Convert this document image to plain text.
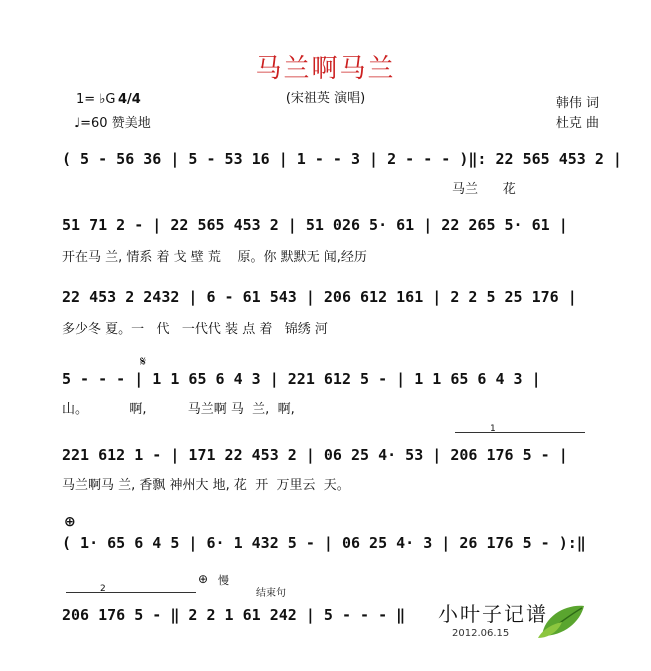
马兰啊马兰
(宋祖英 演唱)
1= ♭G 4/4
♩=60 赞美地
韩伟 词
杜克 曲
( 5 - 56 36 | 5 - 53 16 | 1 - - 3 | 2 - - - )‖: 22 565 453 2 |
马兰      花
51 71 2 - | 22 565 453 2 | 51 026 5· 61 | 22 265 5· 61 |
开在马 兰, 情系 着 戈 壁 荒    原。你 默默无 闻,经历
22 453 2 2432 | 6 - 61 543 | 206 612 161 | 2 2 5 25 176 |
多少冬 夏。一   代   一代代 装 点 着   锦绣 河
𝄋
5 - - - | 1 1 65 6 4 3 | 221 612 5 - | 1 1 65 6 4 3 |
山。          啊,          马兰啊 马  兰,  啊,
1
221 612 1 - | 171 22 453 2 | 06 25 4· 53 | 206 176 5 - |
马兰啊马 兰, 香飘 神州大 地, 花  开  万里云  天。
⊕
( 1· 65 6 4 5 | 6· 1 432 5 - | 06 25 4· 3 | 26 176 5 - ):‖
2
⊕ 慢
结束句
206 176 5 - ‖ 2 2 1 61 242 | 5 - - - ‖ 小叶子记谱
2012.06.15
